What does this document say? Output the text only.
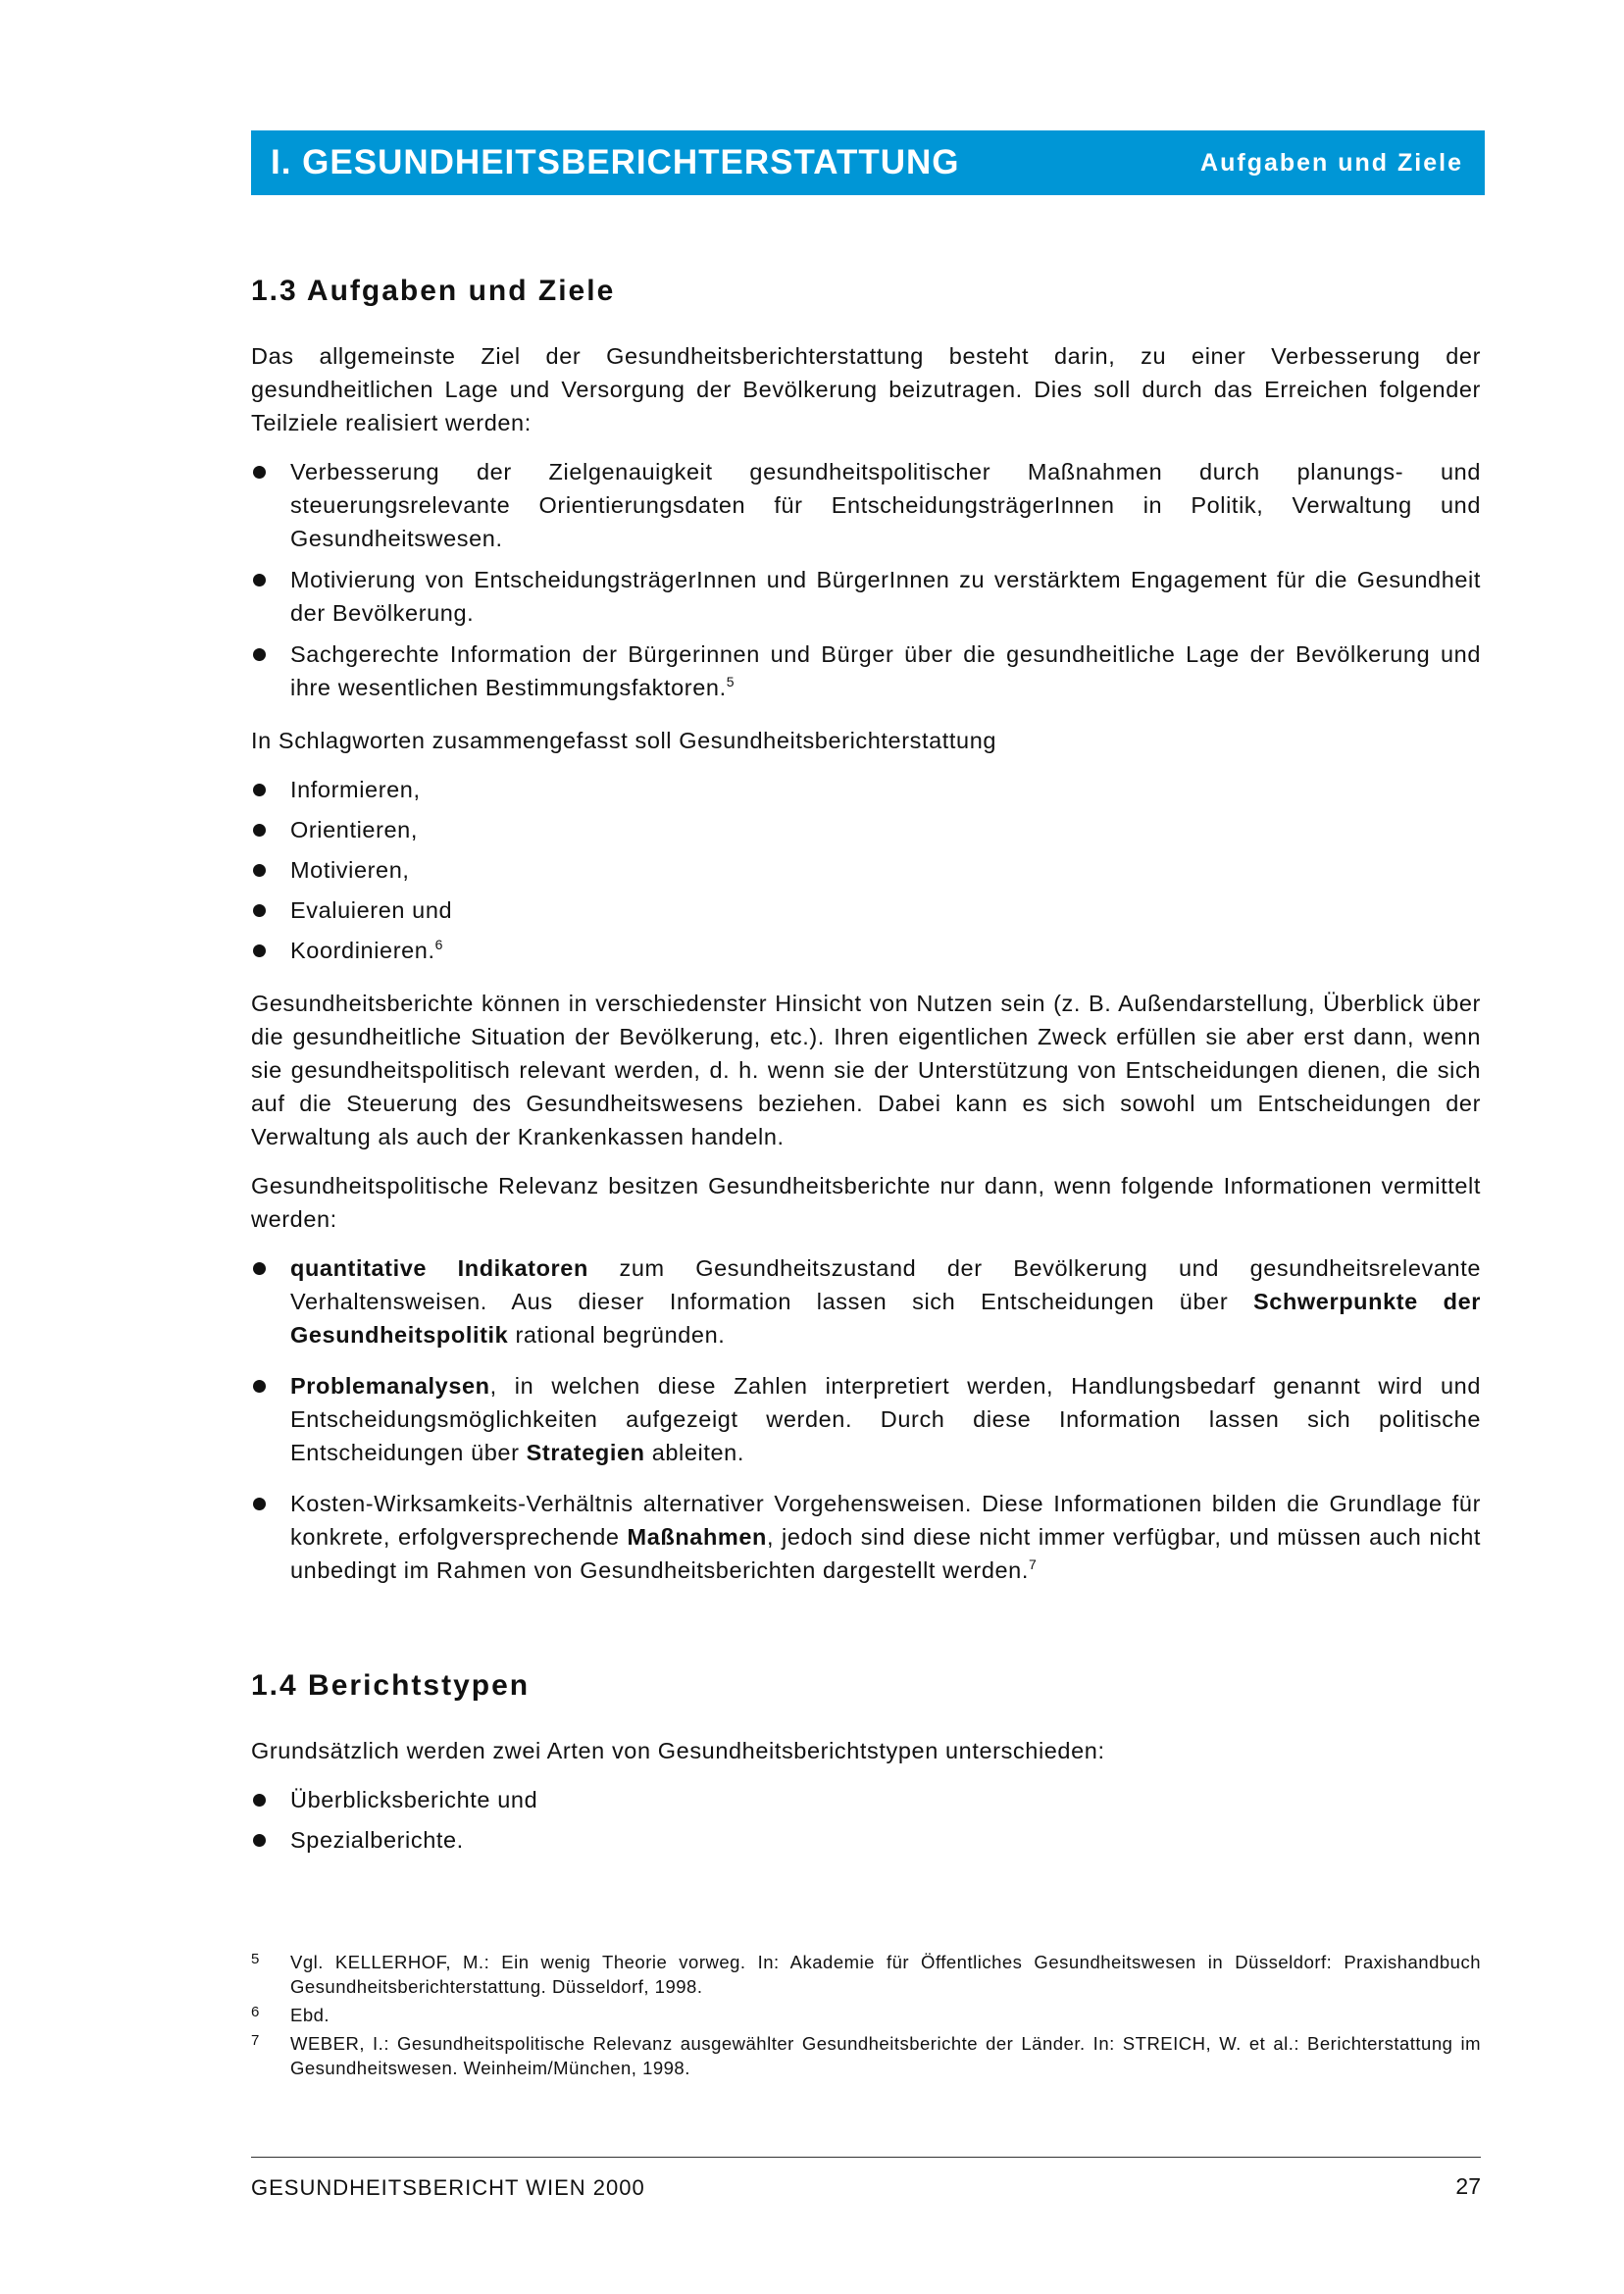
I. GESUNDHEITSBERICHTERSTATTUNG	Aufgaben und Ziele
1.3 Aufgaben und Ziele

Das allgemeinste Ziel der Gesundheitsberichterstattung besteht darin, zu einer Verbesserung der gesundheitlichen Lage und Versorgung der Bevölkerung beizutragen. Dies soll durch das Erreichen folgender Teilziele realisiert werden:

Verbesserung der Zielgenauigkeit gesundheitspolitischer Maßnahmen durch planungs- und steuerungsrelevante Orientierungsdaten für EntscheidungsträgerInnen in Politik, Verwaltung und Gesundheitswesen.
Motivierung von EntscheidungsträgerInnen und BürgerInnen zu verstärktem Engagement für die Gesundheit der Bevölkerung.
Sachgerechte Information der Bürgerinnen und Bürger über die gesundheitliche Lage der Bevölkerung und ihre wesentlichen Bestimmungsfaktoren.$^5$

In Schlagworten zusammengefasst soll Gesundheitsberichterstattung

Informieren,
Orientieren,
Motivieren,
Evaluieren und
Koordinieren.$^6$

Gesundheitsberichte können in verschiedenster Hinsicht von Nutzen sein (z. B. Außendarstellung, Überblick über die gesundheitliche Situation der Bevölkerung, etc.). Ihren eigentlichen Zweck erfüllen sie aber erst dann, wenn sie gesundheitspolitisch relevant werden, d. h. wenn sie der Unterstützung von Entscheidungen dienen, die sich auf die Steuerung des Gesundheitswesens beziehen. Dabei kann es sich sowohl um Entscheidungen der Verwaltung als auch der Krankenkassen handeln.

Gesundheitspolitische Relevanz besitzen Gesundheitsberichte nur dann, wenn folgende Informationen vermittelt werden:

quantitative Indikatoren zum Gesundheitszustand der Bevölkerung und gesundheitsrelevante Verhaltensweisen. Aus dieser Information lassen sich Entscheidungen über Schwerpunkte der Gesundheitspolitik rational begründen.
Problemanalysen, in welchen diese Zahlen interpretiert werden, Handlungsbedarf genannt wird und Entscheidungsmöglichkeiten aufgezeigt werden. Durch diese Information lassen sich politische Entscheidungen über Strategien ableiten.
Kosten-Wirksamkeits-Verhältnis alternativer Vorgehensweisen. Diese Informationen bilden die Grundlage für konkrete, erfolgversprechende Maßnahmen, jedoch sind diese nicht immer verfügbar, und müssen auch nicht unbedingt im Rahmen von Gesundheitsberichten dargestellt werden.$^7$
1.4 Berichtstypen

Grundsätzlich werden zwei Arten von Gesundheitsberichtstypen unterschieden:

Überblicksberichte und
Spezialberichte.
5	Vgl. KELLERHOF, M.: Ein wenig Theorie vorweg. In: Akademie für Öffentliches Gesundheitswesen in Düsseldorf: Praxishandbuch Gesundheitsberichterstattung. Düsseldorf, 1998.
6	Ebd.
7	WEBER, I.: Gesundheitspolitische Relevanz ausgewählter Gesundheitsberichte der Länder. In: STREICH, W. et al.: Berichterstattung im Gesundheitswesen. Weinheim/München, 1998.
GESUNDHEITSBERICHT WIEN 2000	27
